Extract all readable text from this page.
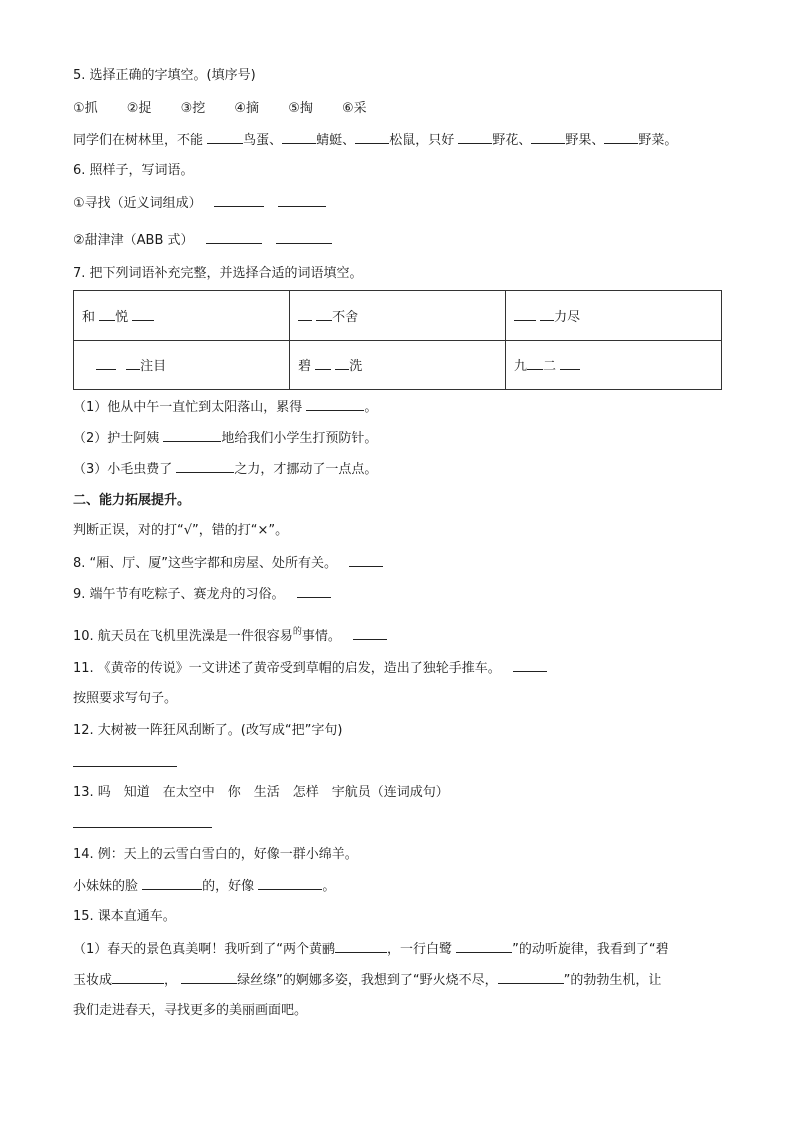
5. 选择正确的字填空。(填序号)
①抓 ②捉 ③挖 ④摘 ⑤掏 ⑥采
同学们在树林里，不能	鸟蛋、	蜻蜓、	松鼠，只好	野花、	野果、	野菜。
6. 照样子，写词语。
①寻找（近义词组成）
②甜津津（ABB 式）
7. 把下列词语补充完整，并选择合适的词语填空。
和 悦	不舍	力尽
注目	碧 洗	九 二
（1）他从中午一直忙到太阳落山，累得	。
（2）护士阿姨	地给我们小学生打预防针。
（3）小毛虫费了	之力，才挪动了一点点。
二、能力拓展提升。
判断正误，对的打“√”，错的打“×”。
8. “厢、厅、厦”这些字都和房屋、处所有关。
9. 端午节有吃粽子、赛龙舟的习俗。
10. 航天员在飞机里洗澡是一件很容易$^的$事情。
11. 《黄帝的传说》一文讲述了黄帝受到草帽的启发，造出了独轮手推车。
按照要求写句子。
12. 大树被一阵狂风刮断了。(改写成“把”字句)
13. 吗　知道　在太空中　你　生活　怎样　宇航员（连词成句）
14. 例：天上的云雪白雪白的，好像一群小绵羊。
小妹妹的脸	的，好像	。
15. 课本直通车。
（1）春天的景色真美啊！我听到了“两个黄鹂	，一行白鹭	”的动听旋律，我看到了“碧
玉妆成	，	绿丝绦”的婀娜多姿，我想到了“野火烧不尽，	”的勃勃生机，让
我们走进春天，寻找更多的美丽画面吧。
